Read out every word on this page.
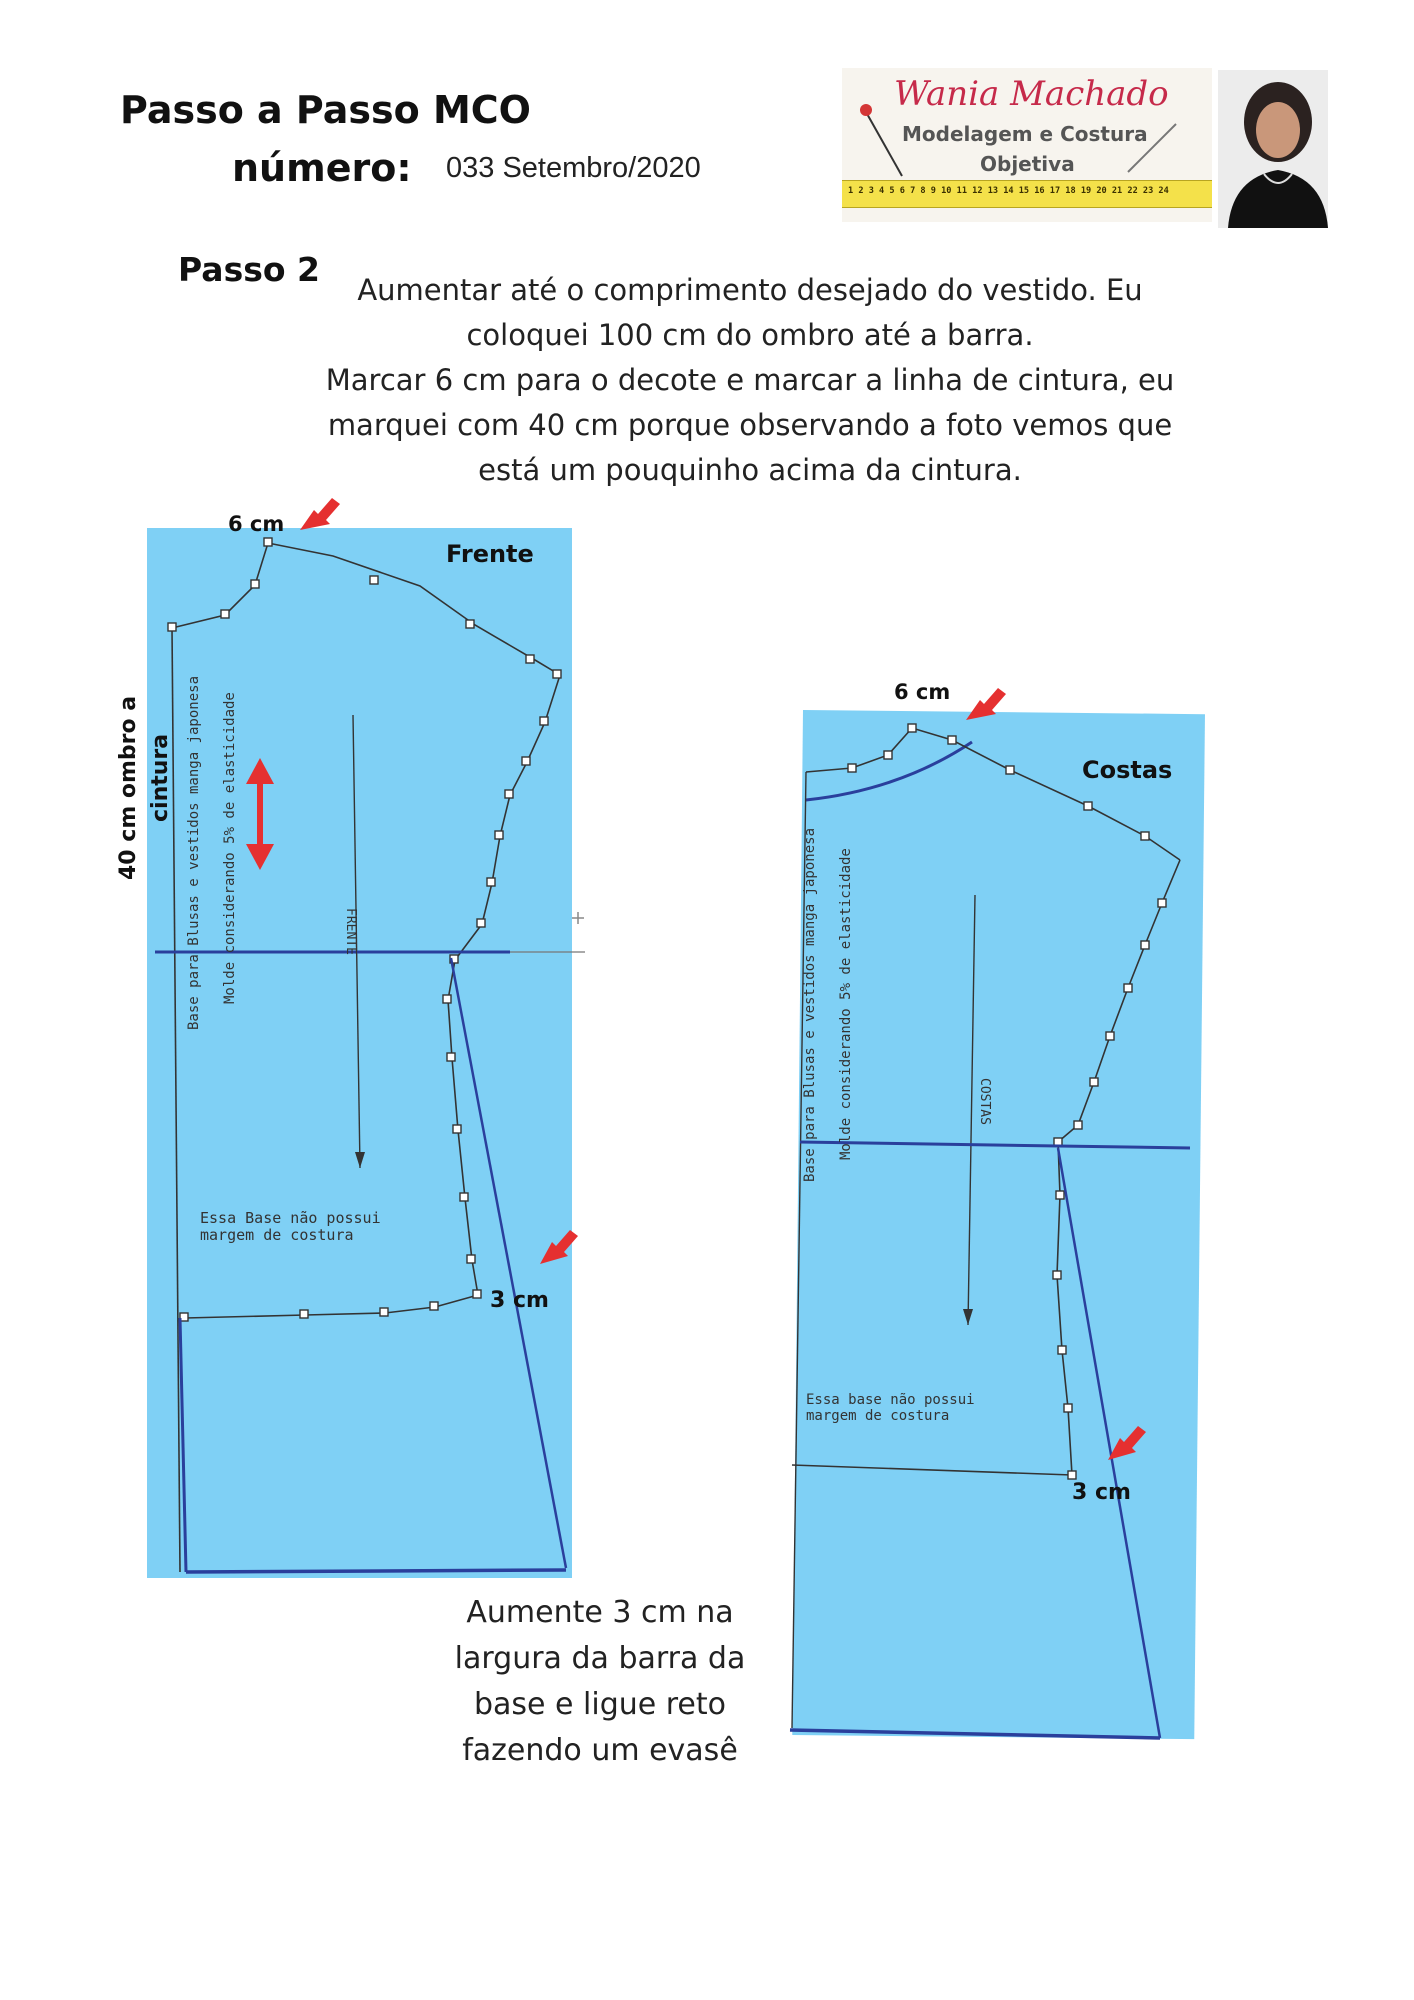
Passo a Passo MCO
número: 033 Setembro/2020
Wania Machado
Modelagem e Costura
Objetiva
1 2 3 4 5 6 7 8 9 10 11 12 13 14 15 16 17 18 19 20 21 22 23 24
Passo 2
Aumentar até o comprimento desejado do vestido. Eu
coloquei 100 cm do ombro até a barra.
Marcar 6 cm para o decote e marcar a linha de cintura, eu
marquei com 40 cm porque observando a foto vemos que
está um pouquinho acima da cintura.
6 cm
Frente
3 cm
40 cm ombro a cintura Base para Blusas e vestidos manga japonesa Molde considerando 5% de elasticidade	FRENTE
Essa Base não possui
margem de costura
6 cm
Costas
3 cm
Base para Blusas e vestidos manga japonesa Molde considerando 5% de elasticidade	COSTAS
Essa base não possui
margem de costura
Aumente 3 cm na
largura da barra da
base e ligue reto
fazendo um evasê
